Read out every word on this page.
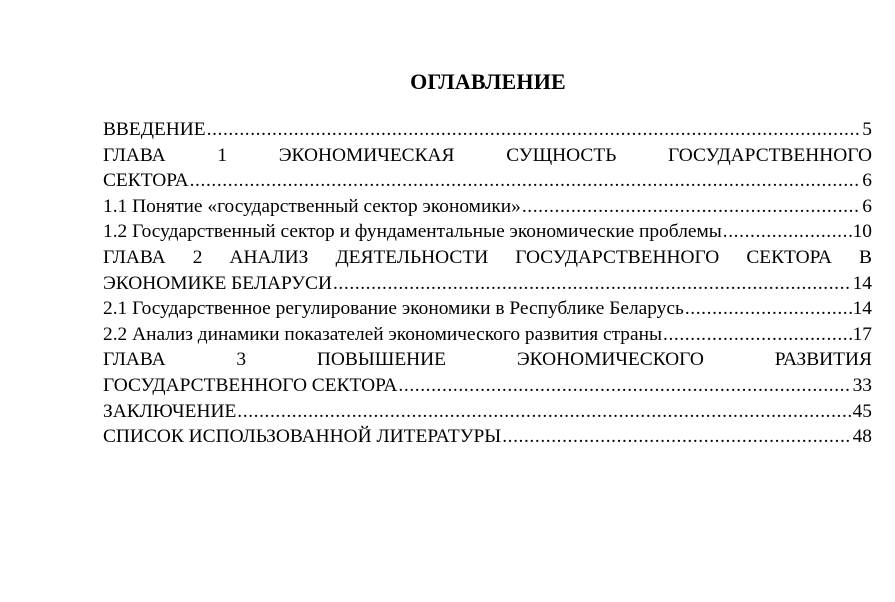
ОГЛАВЛЕНИЕ
ВВЕДЕНИЕ .....	5
ГЛАВА	1	ЭКОНОМИЧЕСКАЯ	СУЩНОСТЬ	ГОСУДАРСТВЕННОГО
СЕКТОРА .....	6
1.1 Понятие «государственный сектор экономики» .....	6
1.2 Государственный сектор и фундаментальные экономические проблемы .....	10
ГЛАВА 2 АНАЛИЗ ДЕЯТЕЛЬНОСТИ ГОСУДАРСТВЕННОГО СЕКТОРА В
ЭКОНОМИКЕ БЕЛАРУСИ .....	14
2.1 Государственное регулирование экономики в Республике Беларусь .....	14
2.2 Анализ динамики показателей экономического развития страны .....	17
ГЛАВА	3	ПОВЫШЕНИЕ	ЭКОНОМИЧЕСКОГО	РАЗВИТИЯ
ГОСУДАРСТВЕННОГО СЕКТОРА .....	33
ЗАКЛЮЧЕНИЕ .....	45
СПИСОК ИСПОЛЬЗОВАННОЙ ЛИТЕРАТУРЫ .....	48
